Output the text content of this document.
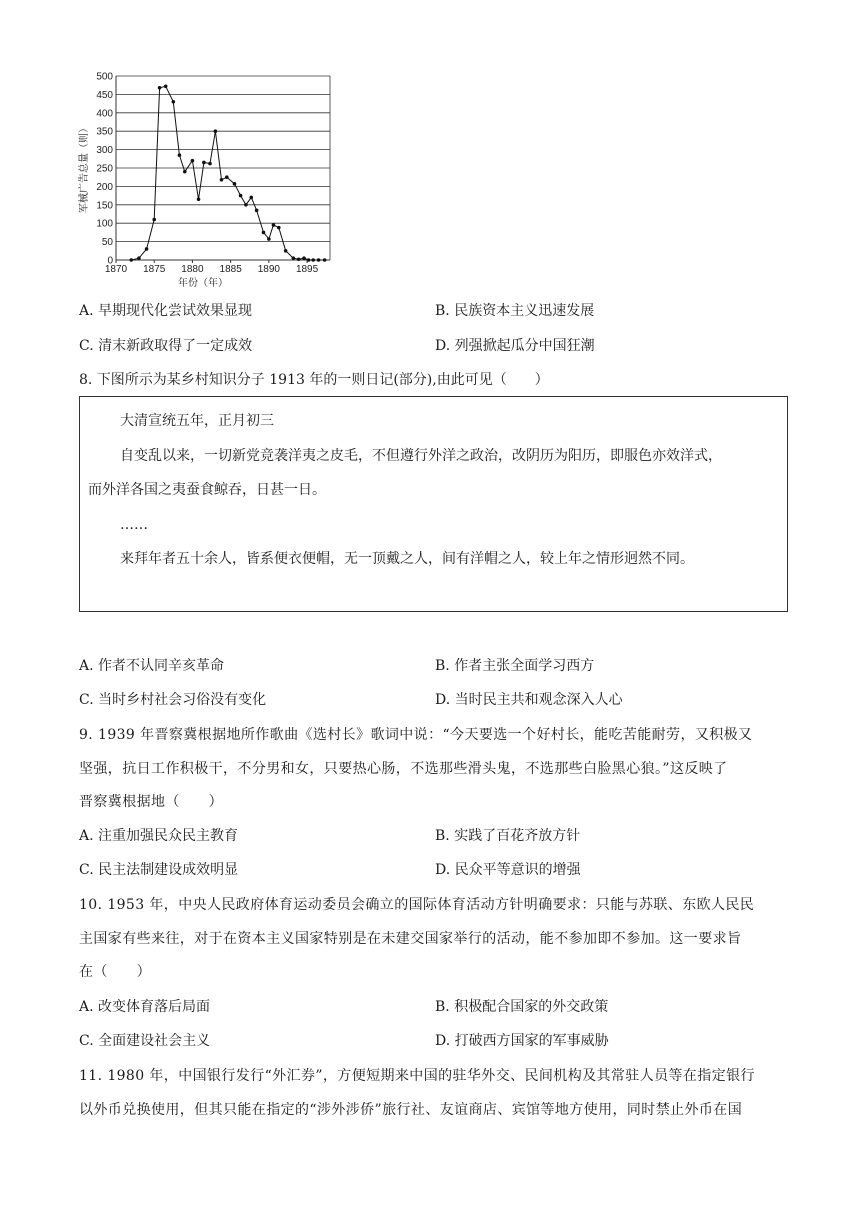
0
50
100
150
200
250
300
350
400
450
500
1870 1875 1880 1885 1890 1895
年份（年）
军械广告总量（则）
A. 早期现代化尝试效果显现	B. 民族资本主义迅速发展
C. 清末新政取得了一定成效	D. 列强掀起瓜分中国狂潮
8. 下图所示为某乡村知识分子 1913 年的一则日记(部分),由此可见（　　）
大清宣统五年，正月初三
自变乱以来，一切新党竞袭洋夷之皮毛，不但遵行外洋之政治，改阴历为阳历，即服色亦效洋式，
而外洋各国之夷蚕食鲸吞，日甚一日。
……
来拜年者五十余人，皆系便衣便帽，无一顶戴之人，间有洋帽之人，较上年之情形迥然不同。
A. 作者不认同辛亥革命	B. 作者主张全面学习西方
C. 当时乡村社会习俗没有变化	D. 当时民主共和观念深入人心
9. 1939 年晋察冀根据地所作歌曲《选村长》歌词中说：“今天要选一个好村长，能吃苦能耐劳，又积极又
坚强，抗日工作积极干，不分男和女，只要热心肠，不选那些滑头鬼，不选那些白脸黑心狼。”这反映了
晋察冀根据地（　　）
A. 注重加强民众民主教育	B. 实践了百花齐放方针
C. 民主法制建设成效明显	D. 民众平等意识的增强
10. 1953 年，中央人民政府体育运动委员会确立的国际体育活动方针明确要求：只能与苏联、东欧人民民
主国家有些来往，对于在资本主义国家特别是在未建交国家举行的活动，能不参加即不参加。这一要求旨
在（　　）
A. 改变体育落后局面	B. 积极配合国家的外交政策
C. 全面建设社会主义	D. 打破西方国家的军事威胁
11. 1980 年，中国银行发行“外汇券”，方便短期来中国的驻华外交、民间机构及其常驻人员等在指定银行
以外币兑换使用，但其只能在指定的“涉外涉侨”旅行社、友谊商店、宾馆等地方使用，同时禁止外币在国
